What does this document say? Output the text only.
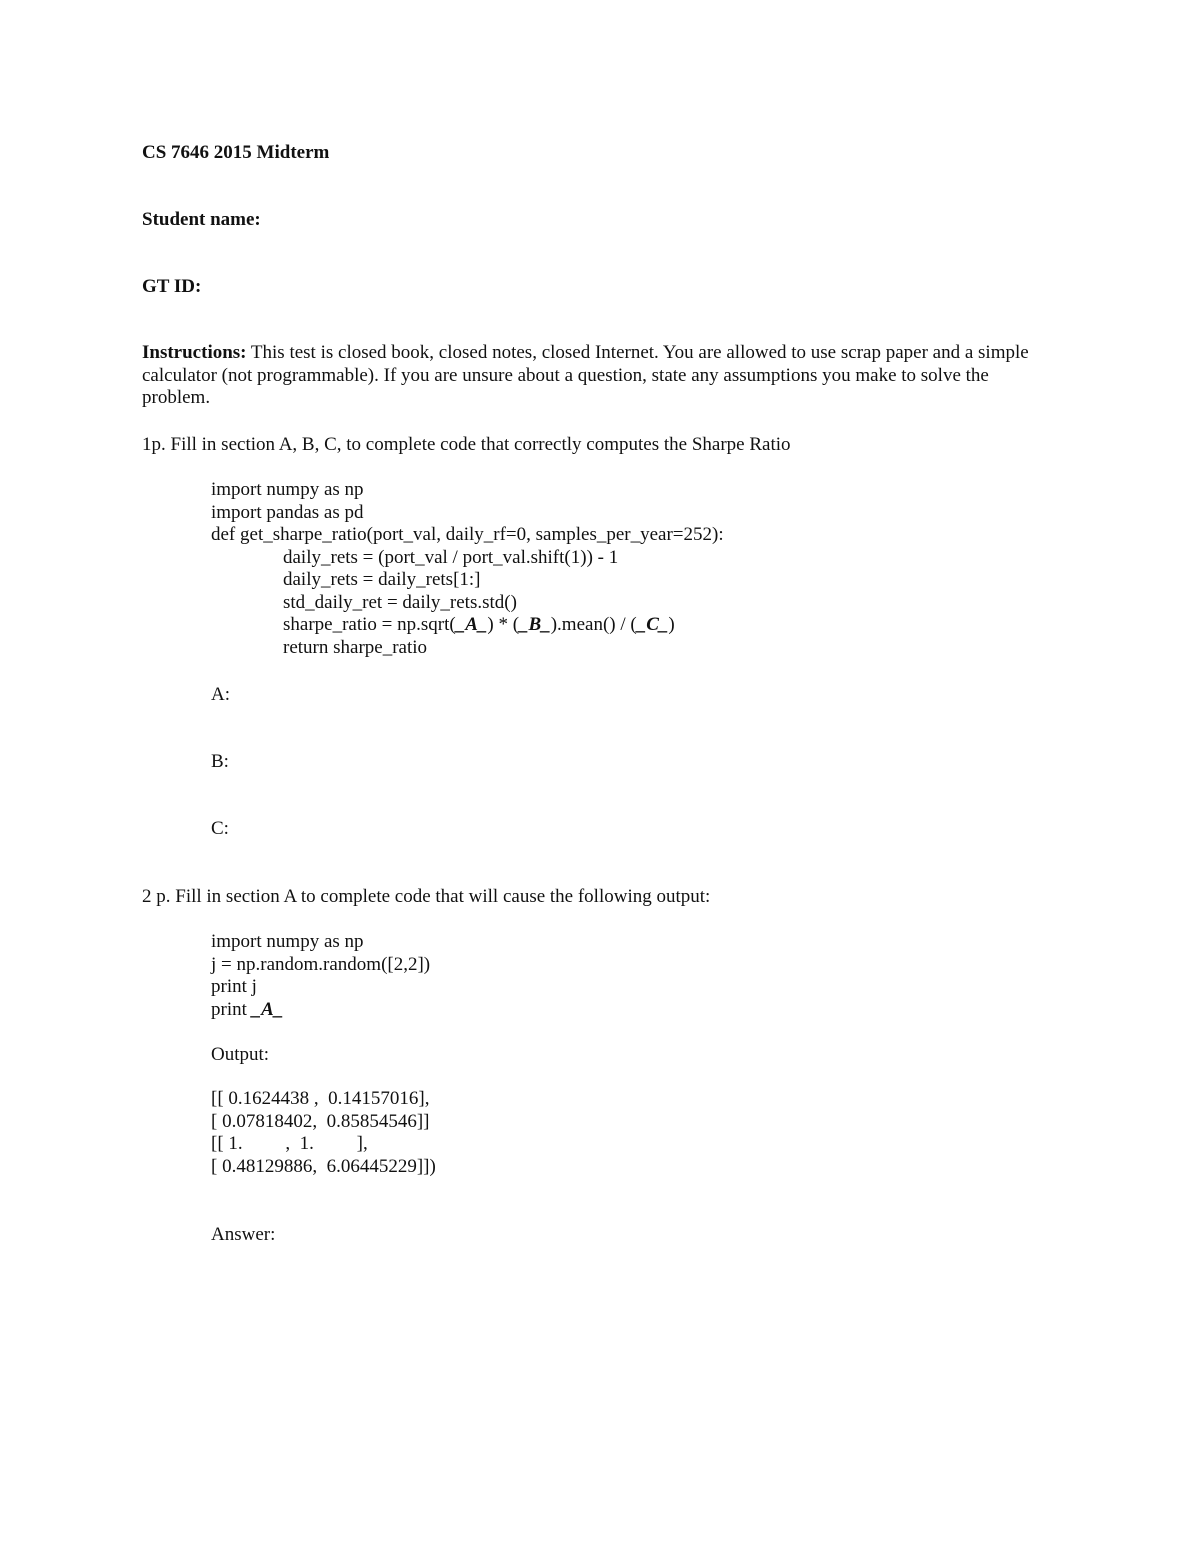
CS 7646 2015 Midterm
Student name:
GT ID:
Instructions: This test is closed book, closed notes, closed Internet. You are allowed to use scrap paper and a simple calculator (not programmable). If you are unsure about a question, state any assumptions you make to solve the problem.
1p. Fill in section A, B, C, to complete code that correctly computes the Sharpe Ratio
import numpy as np
import pandas as pd
def get_sharpe_ratio(port_val, daily_rf=0, samples_per_year=252):
daily_rets = (port_val / port_val.shift(1)) - 1
daily_rets = daily_rets[1:]
std_daily_ret = daily_rets.std()
sharpe_ratio = np.sqrt(_A_) * (_B_).mean() / (_C_)
return sharpe_ratio
A:
B:
C:
2 p. Fill in section A to complete code that will cause the following output:
import numpy as np
j = np.random.random([2,2])
print j
print _A_
Output:
[[ 0.1624438 ,  0.14157016],
[ 0.07818402,  0.85854546]]
[[ 1.         ,  1.         ],
[ 0.48129886,  6.06445229]])
Answer:
